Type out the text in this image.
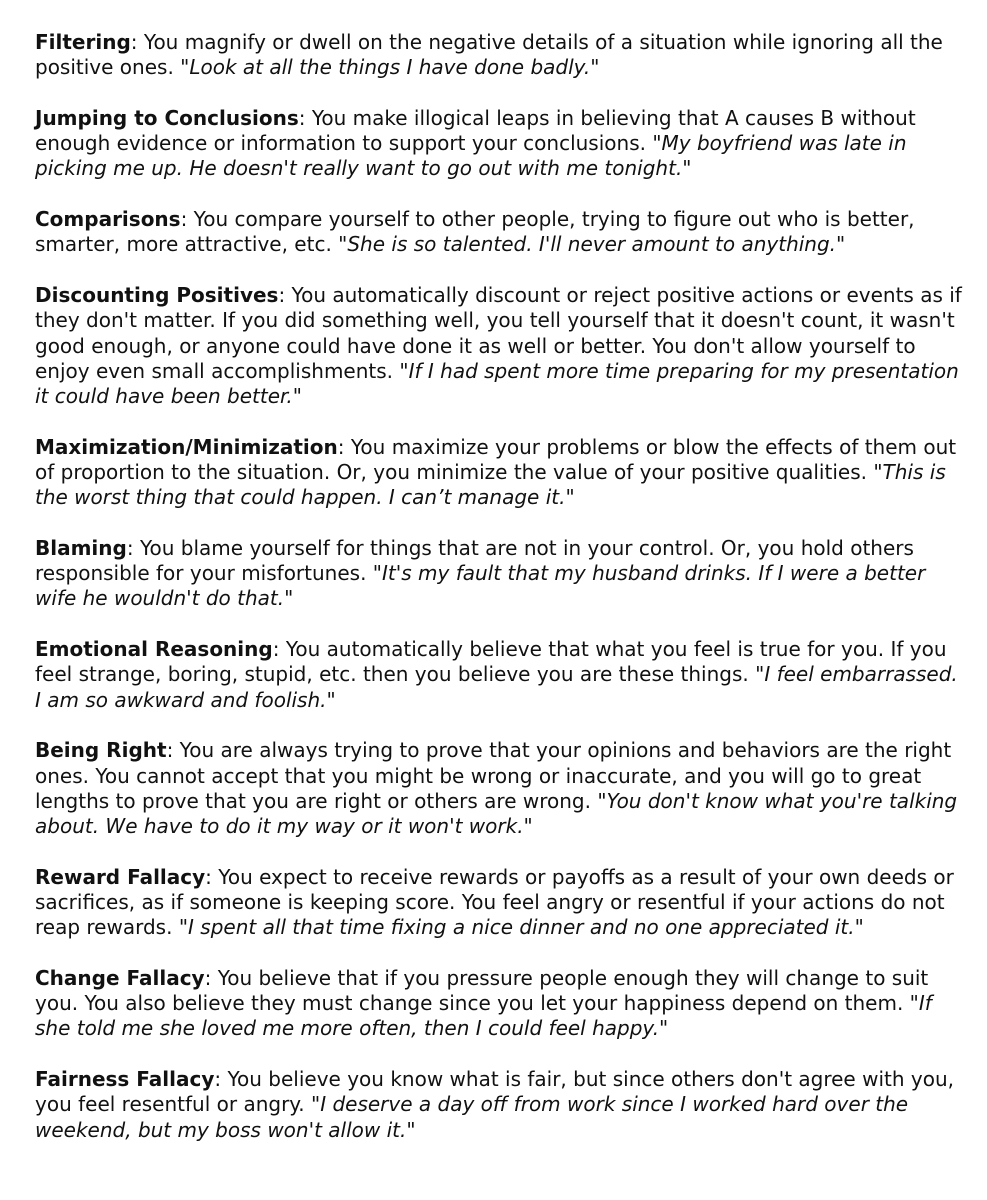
Filtering: You magnify or dwell on the negative details of a situation while ignoring all the positive ones. "Look at all the things I have done badly."

Jumping to Conclusions: You make illogical leaps in believing that A causes B without enough evidence or information to support your conclusions. "My boyfriend was late in picking me up. He doesn't really want to go out with me tonight."

Comparisons: You compare yourself to other people, trying to figure out who is better, smarter, more attractive, etc. "She is so talented. I'll never amount to anything."

Discounting Positives: You automatically discount or reject positive actions or events as if they don't matter. If you did something well, you tell yourself that it doesn't count, it wasn't good enough, or anyone could have done it as well or better. You don't allow yourself to enjoy even small accomplishments. "If I had spent more time preparing for my presentation it could have been better."

Maximization/Minimization: You maximize your problems or blow the effects of them out of proportion to the situation. Or, you minimize the value of your positive qualities. "This is the worst thing that could happen. I can’t manage it."

Blaming: You blame yourself for things that are not in your control. Or, you hold others responsible for your misfortunes. "It's my fault that my husband drinks. If I were a better wife he wouldn't do that."

Emotional Reasoning: You automatically believe that what you feel is true for you. If you feel strange, boring, stupid, etc. then you believe you are these things. "I feel embarrassed. I am so awkward and foolish."

Being Right: You are always trying to prove that your opinions and behaviors are the right ones. You cannot accept that you might be wrong or inaccurate, and you will go to great lengths to prove that you are right or others are wrong. "You don't know what you're talking about. We have to do it my way or it won't work."

Reward Fallacy: You expect to receive rewards or payoffs as a result of your own deeds or sacrifices, as if someone is keeping score. You feel angry or resentful if your actions do not reap rewards. "I spent all that time fixing a nice dinner and no one appreciated it."

Change Fallacy: You believe that if you pressure people enough they will change to suit you. You also believe they must change since you let your happiness depend on them. "If she told me she loved me more often, then I could feel happy."

Fairness Fallacy: You believe you know what is fair, but since others don't agree with you, you feel resentful or angry. "I deserve a day off from work since I worked hard over the weekend, but my boss won't allow it."
